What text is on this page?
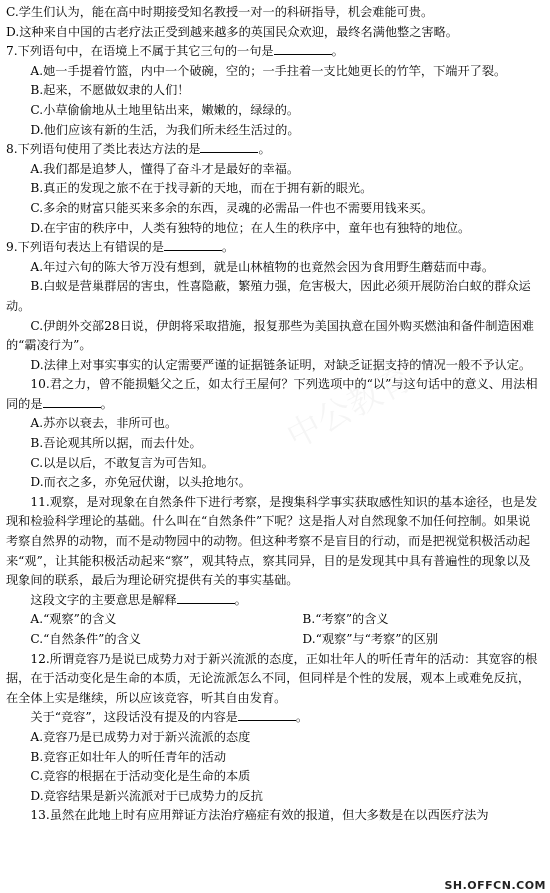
C.学生们认为，能在高中时期接受知名教授一对一的科研指导，机会难能可贵。
D.这种来自中国的古老疗法正受到越来越多的英国民众欢迎，最终名满他整之害略。
7.下列语句中，在语境上不属于其它三句的一句是	。
A.她一手提着竹篮，内中一个破碗，空的；一手拄着一支比她更长的竹竿，下端开了裂。
B.起来，不愿做奴隶的人们！
C.小草偷偷地从土地里钻出来，嫩嫩的，绿绿的。
D.他们应该有新的生活，为我们所未经生活过的。
8.下列语句使用了类比表达方法的是	。
A.我们都是追梦人，懂得了奋斗才是最好的幸福。
B.真正的发现之旅不在于找寻新的天地，而在于拥有新的眼光。
C.多余的财富只能买来多余的东西，灵魂的必需品一件也不需要用钱来买。
D.在宇宙的秩序中，人类有独特的地位；在人生的秩序中，童年也有独特的地位。
9.下列语句表达上有错误的是	。
A.年过六旬的陈大爷万没有想到，就是山林植物的也竟然会因为食用野生蘑菇而中毒。
B.白蚁是营巢群居的害虫，性喜隐蔽，繁殖力强，危害极大，因此必须开展防治白蚁的群众运动。
C.伊朗外交部28日说，伊朗将采取措施，报复那些为美国执意在国外购买燃油和备件制造困难的“霸凌行为”。
D.法律上对事实事实的认定需要严谨的证据链条证明，对缺乏证据支持的情况一般不予认定。
10.君之力，曾不能损魁父之丘，如太行王屋何？下列选项中的“以”与这句话中的意义、用法相同的是	。
A.苏亦以衰去，非所可也。
B.吾论观其所以据，而去什处。
C.以是以后，不敢复言为可告知。
D.而衣之多，亦免冠伏谢，以头抢地尔。
11.观察，是对现象在自然条件下进行考察，是搜集科学事实获取感性知识的基本途径，也是发现和检验科学理论的基础。什么叫在“自然条件”下呢？这是指人对自然现象不加任何控制。如果说考察自然界的动物，而不是动物园中的动物。但这种考察不是盲目的行动，而是把视觉积极活动起来“观”，让其能积极活动起来“察”，观其特点，察其同异，目的是发现其中具有普遍性的现象以及现象间的联系，最后为理论研究提供有关的事实基础。
这段文字的主要意思是解释	。
A.“观察”的含义	B.“考察”的含义
C.“自然条件”的含义	D.“观察”与“考察”的区别
12.所谓竞容乃是说已成势力对于新兴流派的态度，正如壮年人的听任青年的活动：其宽容的根据，在于活动变化是生命的本质，无论流派怎么不同，但同样是个性的发展，观本上或难免反抗，在全体上实是继续，所以应该竞容，听其自由发育。
关于“竞容”，这段话没有提及的内容是	。
A.竞容乃是已成势力对于新兴流派的态度
B.竞容正如壮年人的听任青年的活动
C.竞容的根据在于活动变化是生命的本质
D.竞容结果是新兴流派对于已成势力的反抗
13.虽然在此地上时有应用辩证方法治疗癌症有效的报道，但大多数是在以西医疗法为
SH.OFFCN.COM
